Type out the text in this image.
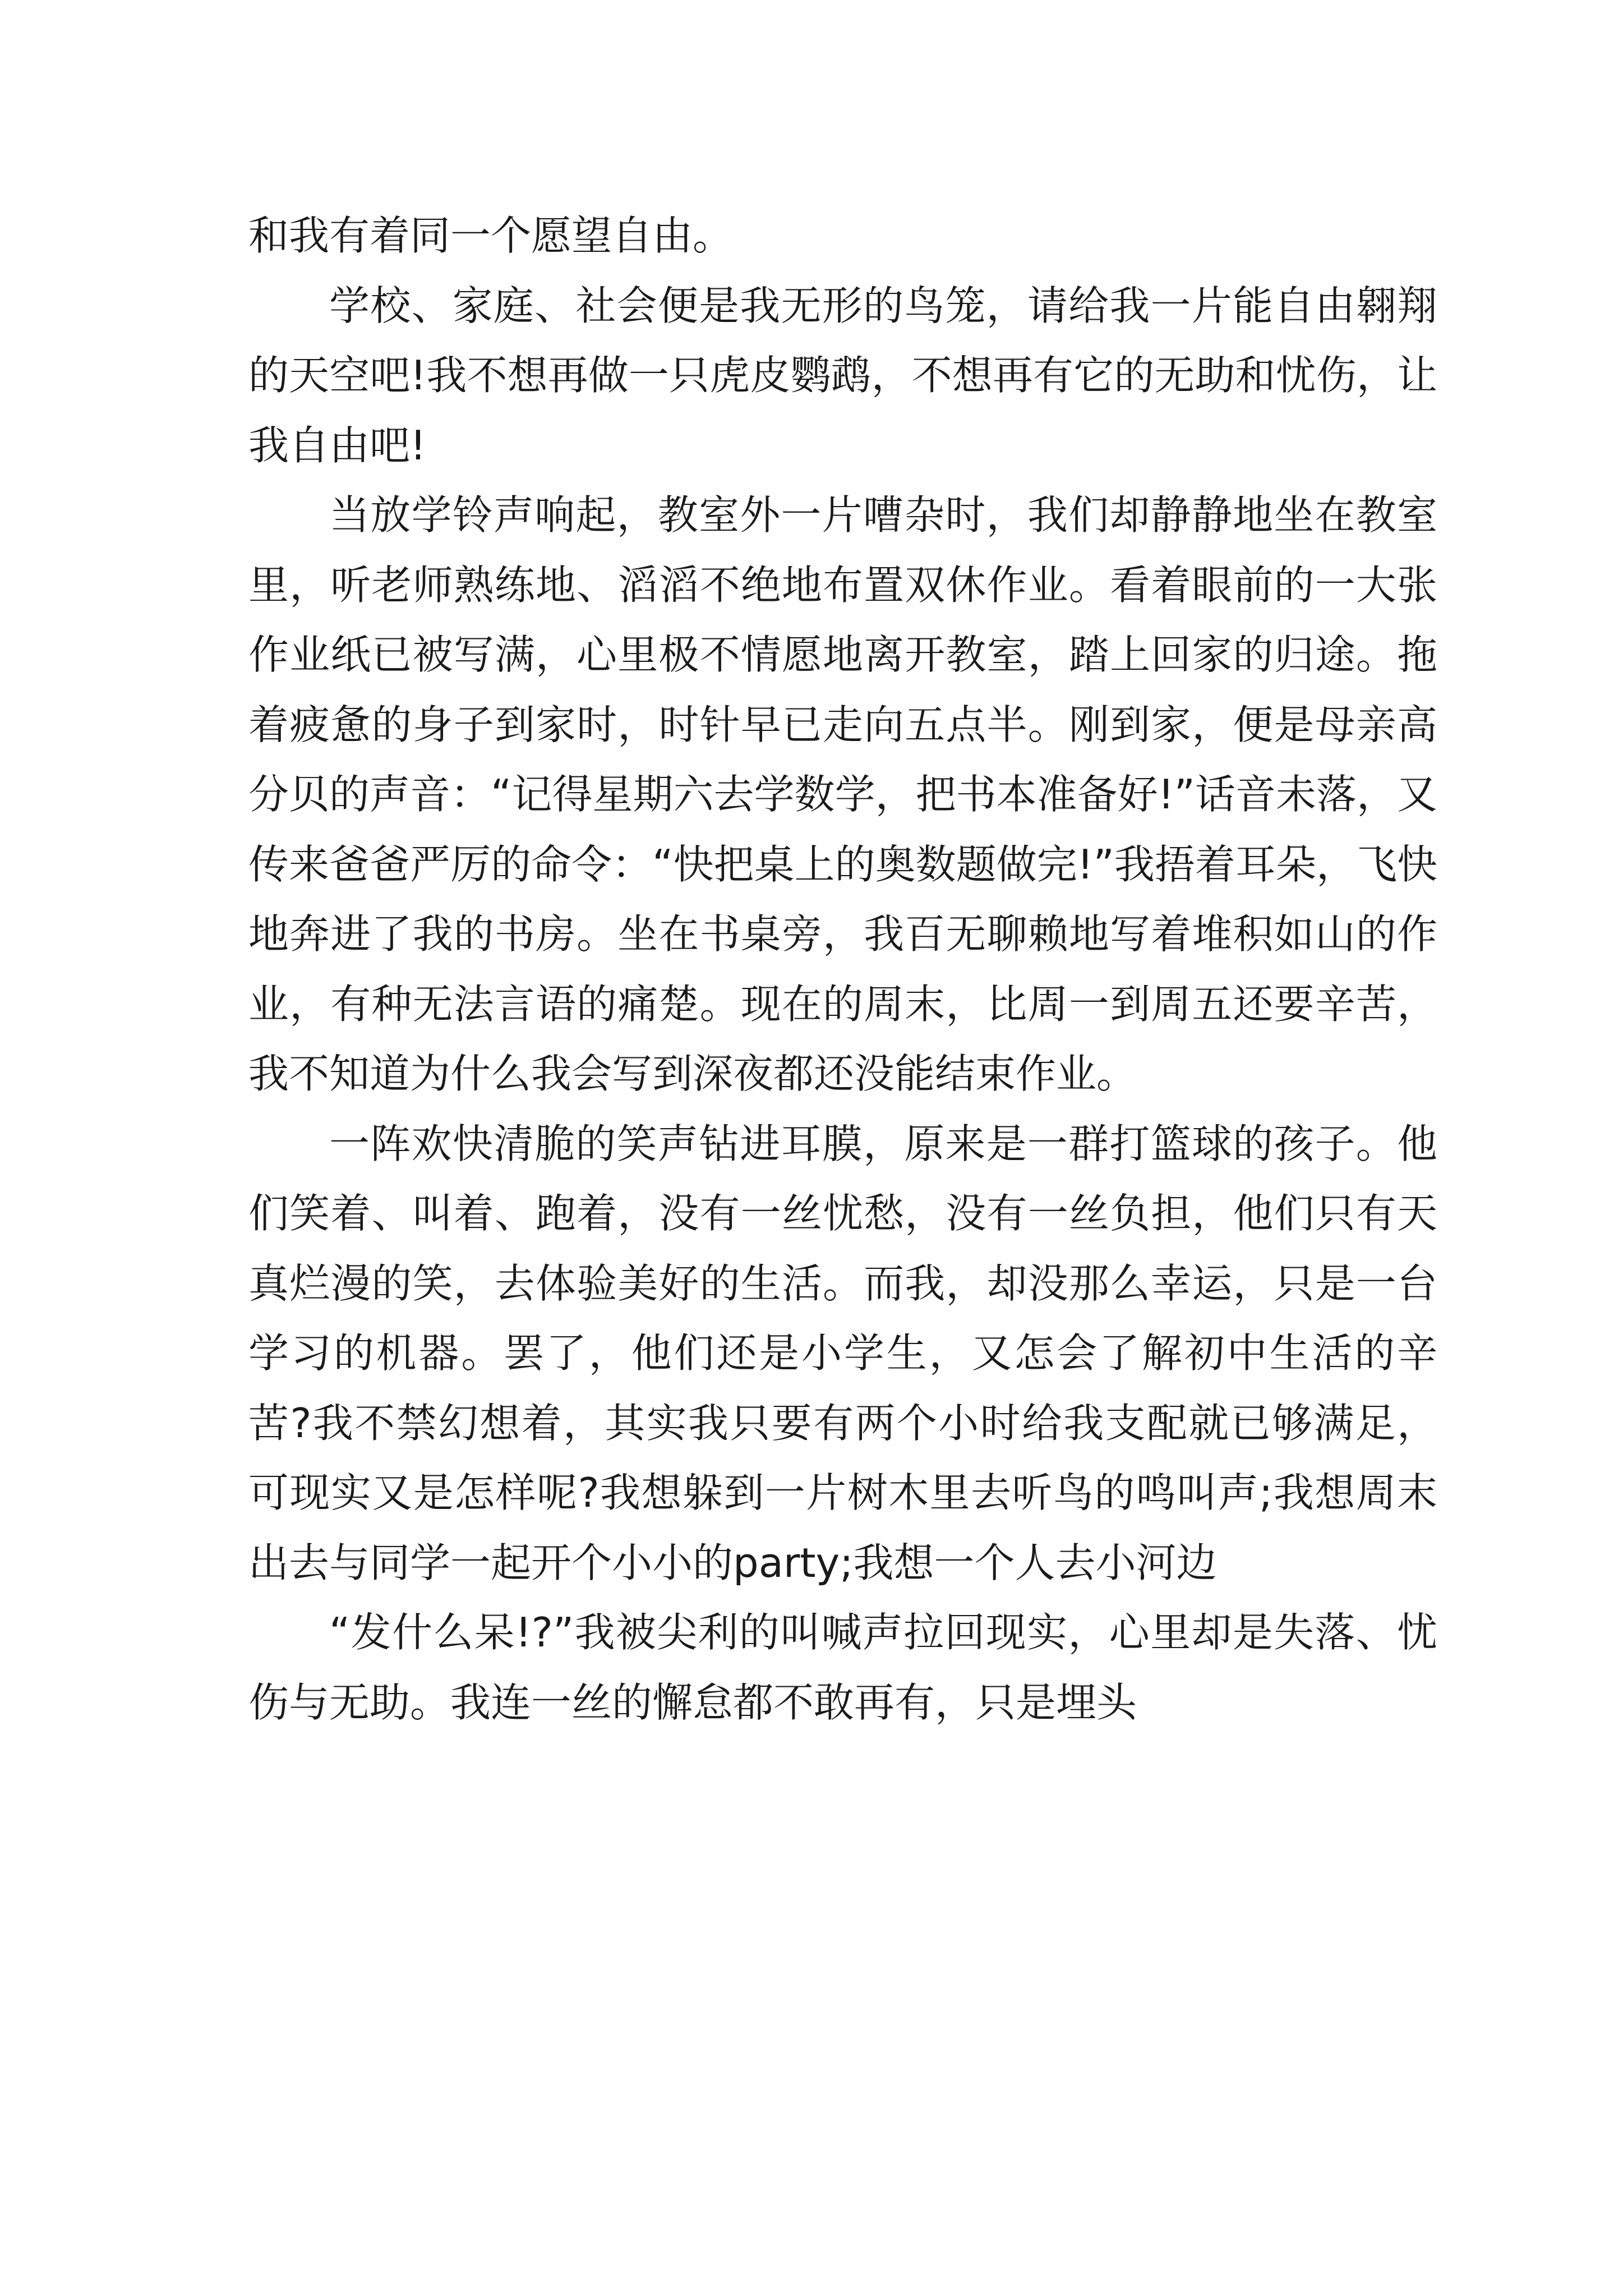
和我有着同一个愿望自由。

学校、家庭、社会便是我无形的鸟笼，请给我一片能自由翱翔的天空吧!我不想再做一只虎皮鹦鹉，不想再有它的无助和忧伤，让我自由吧!

当放学铃声响起，教室外一片嘈杂时，我们却静静地坐在教室里，听老师熟练地、滔滔不绝地布置双休作业。看着眼前的一大张作业纸已被写满，心里极不情愿地离开教室，踏上回家的归途。拖着疲惫的身子到家时，时针早已走向五点半。刚到家，便是母亲高分贝的声音：“记得星期六去学数学，把书本准备好!”话音未落，又传来爸爸严厉的命令：“快把桌上的奥数题做完!”我捂着耳朵，飞快地奔进了我的书房。坐在书桌旁，我百无聊赖地写着堆积如山的作业，有种无法言语的痛楚。现在的周末，比周一到周五还要辛苦，我不知道为什么我会写到深夜都还没能结束作业。

一阵欢快清脆的笑声钻进耳膜，原来是一群打篮球的孩子。他们笑着、叫着、跑着，没有一丝忧愁，没有一丝负担，他们只有天真烂漫的笑，去体验美好的生活。而我，却没那么幸运，只是一台学习的机器。罢了，他们还是小学生，又怎会了解初中生活的辛苦?我不禁幻想着，其实我只要有两个小时给我支配就已够满足，可现实又是怎样呢?我想躲到一片树木里去听鸟的鸣叫声;我想周末出去与同学一起开个小小的party;我想一个人去小河边

“发什么呆!?”我被尖利的叫喊声拉回现实，心里却是失落、忧伤与无助。我连一丝的懈怠都不敢再有，只是埋头
